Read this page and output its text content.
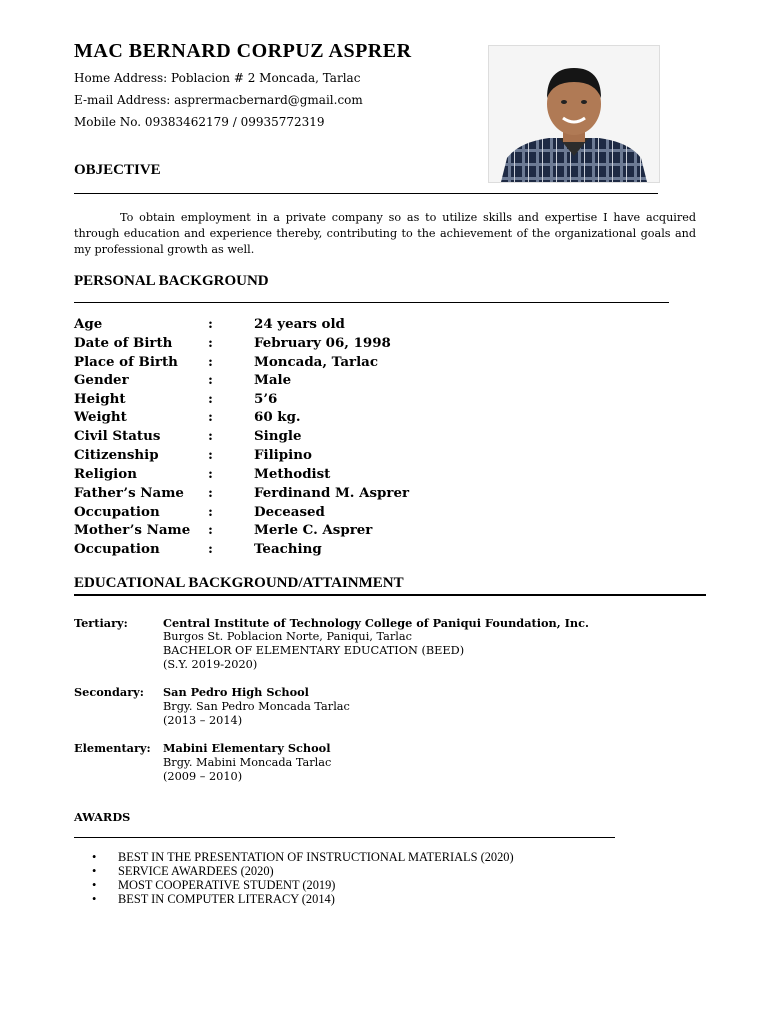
MAC BERNARD CORPUZ ASPRER
Home Address: Poblacion # 2 Moncada, Tarlac
E-mail Address: asprermacbernard@gmail.com
Mobile No. 09383462179 / 09935772319
OBJECTIVE
To obtain employment in a private company so as to utilize skills and expertise I have acquired through education and experience thereby, contributing to the achievement of the organizational goals and my professional growth as well.
PERSONAL BACKGROUND
Age	:	24 years old
Date of Birth	:	February 06, 1998
Place of Birth :	Moncada, Tarlac
Gender	:	Male
Height	:	5’6
Weight	:	60 kg.
Civil Status	:	Single
Citizenship	:	Filipino
Religion	:	Methodist
Father’s Name :	Ferdinand M. Asprer
Occupation	:	Deceased
Mother’s Name :	Merle C. Asprer
Occupation	:	Teaching
EDUCATIONAL BACKGROUND/ATTAINMENT
Tertiary:	Central Institute of Technology College of Paniqui Foundation, Inc.
Burgos St. Poblacion Norte, Paniqui, Tarlac
BACHELOR OF ELEMENTARY EDUCATION (BEED)
(S.Y. 2019-2020)
Secondary: San Pedro High School
Brgy. San Pedro Moncada Tarlac
(2013 – 2014)
Elementary: Mabini Elementary School
Brgy. Mabini Moncada Tarlac
(2009 – 2010)
AWARDS
• BEST IN THE PRESENTATION OF INSTRUCTIONAL MATERIALS (2020)
• SERVICE AWARDEES (2020)
• MOST COOPERATIVE STUDENT (2019)
• BEST IN COMPUTER LITERACY (2014)
